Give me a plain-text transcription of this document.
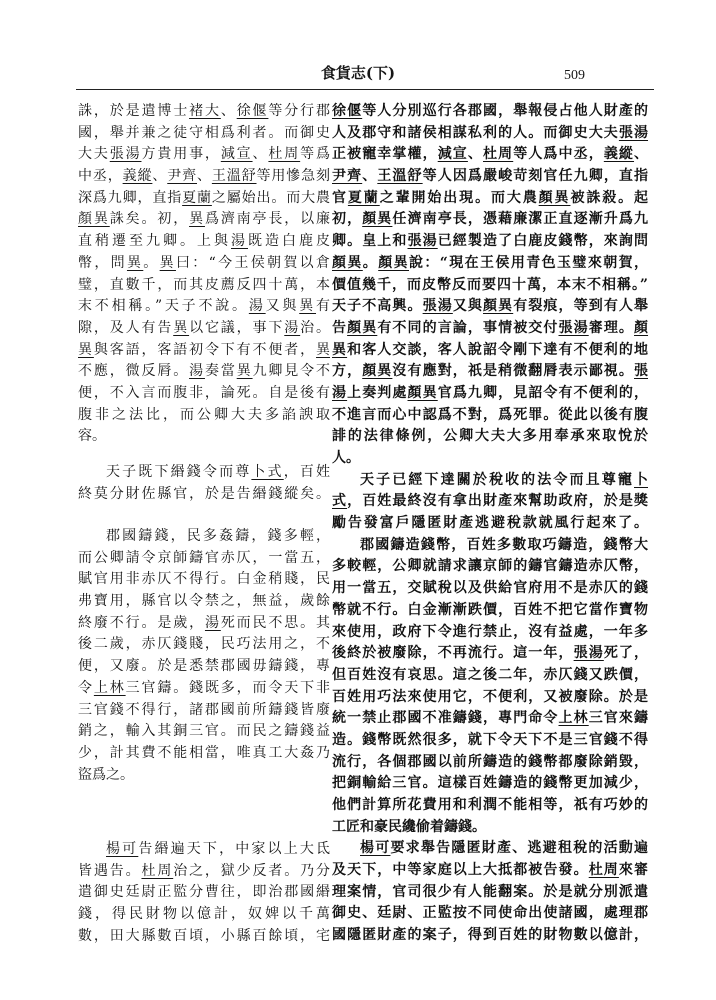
食貨志(下)	509
誅，於是遣博士褚大、徐偃等分行郡
國，舉并兼之徒守相爲利者。而御史
大夫張湯方貴用事，減宣、杜周等爲
中丞，義縱、尹齊、王溫舒等用慘急刻
深爲九卿，直指夏蘭之屬始出。而大農
顏異誅矣。初，異爲濟南亭長，以廉
直稍遷至九卿。上與湯既造白鹿皮
幣，問異。異曰：“今王侯朝賀以倉
璧，直數千，而其皮薦反四十萬，本
末不相稱。”天子不說。湯又與異有
隙，及人有告異以它議，事下湯治。
異與客語，客語初令下有不便者，異
不應，微反脣。湯奏當異九卿見令不
便，不入言而腹非，論死。自是後有
腹非之法比，而公卿大夫多諂諛取
容。
天子既下緡錢令而尊卜式，百姓
終莫分財佐縣官，於是告緡錢縱矣。
郡國鑄錢，民多姦鑄，錢多輕，
而公卿請令京師鑄官赤仄，一當五，
賦官用非赤仄不得行。白金稍賤，民
弗寶用，縣官以令禁之，無益，歲餘
終廢不行。是歲，湯死而民不思。其
後二歲，赤仄錢賤，民巧法用之，不
便，又廢。於是悉禁郡國毋鑄錢，專
令上林三官鑄。錢既多，而令天下非
三官錢不得行，諸郡國前所鑄錢皆廢
銷之，輸入其銅三官。而民之鑄錢益
少，計其費不能相當，唯真工大姦乃
盜爲之。
楊可告緡遍天下，中家以上大氐
皆遇告。杜周治之，獄少反者。乃分
遣御史廷尉正監分曹往，即治郡國緡
錢，得民財物以億計，奴婢以千萬
數，田大縣數百頃，小縣百餘頃，宅
徐偃等人分別巡行各郡國，舉報侵占他人財產的
人及郡守和諸侯相謀私利的人。而御史大夫張湯
正被寵幸掌權，減宣、杜周等人爲中丞，義縱、
尹齊、王溫舒等人因爲嚴峻苛刻官任九卿，直指
官夏蘭之輩開始出現。而大農顏異被誅殺。起
初，顏異任濟南亭長，憑藉廉潔正直逐漸升爲九
卿。皇上和張湯已經製造了白鹿皮錢幣，來詢問
顏異。顏異說：“現在王侯用青色玉璧來朝賀，
價值幾千，而皮幣反而要四十萬，本末不相稱。”
天子不高興。張湯又與顏異有裂痕，等到有人舉
告顏異有不同的言論，事情被交付張湯審理。顏
異和客人交談，客人說詔令剛下達有不便利的地
方，顏異沒有應對，祇是稍微翻脣表示鄙視。張
湯上奏判處顏異官爲九卿，見詔令有不便利的，
不進言而心中認爲不對，爲死罪。從此以後有腹
誹的法律條例，公卿大夫大多用奉承來取悅於
人。
天子已經下達關於稅收的法令而且尊寵卜
式，百姓最終沒有拿出財產來幫助政府，於是獎
勵告發富戶隱匿財產逃避稅款就風行起來了。
郡國鑄造錢幣，百姓多數取巧鑄造，錢幣大
多較輕，公卿就請求讓京師的鑄官鑄造赤仄幣，
用一當五，交賦稅以及供給官府用不是赤仄的錢
幣就不行。白金漸漸跌價，百姓不把它當作寶物
來使用，政府下令進行禁止，沒有益處，一年多
後終於被廢除，不再流行。這一年，張湯死了，
但百姓沒有哀思。這之後二年，赤仄錢又跌價，
百姓用巧法來使用它，不便利，又被廢除。於是
統一禁止郡國不准鑄錢，專門命令上林三官來鑄
造。錢幣既然很多，就下令天下不是三官錢不得
流行，各個郡國以前所鑄造的錢幣都廢除銷毀，
把銅輸給三官。這樣百姓鑄造的錢幣更加減少，
他們計算所花費用和利潤不能相等，祇有巧妙的
工匠和豪民纔偷着鑄錢。
楊可要求舉告隱匿財產、逃避租稅的活動遍
及天下，中等家庭以上大抵都被告發。杜周來審
理案情，官司很少有人能翻案。於是就分別派遣
御史、廷尉、正監按不同使命出使諸國，處理郡
國隱匿財產的案子，得到百姓的財物數以億計，
